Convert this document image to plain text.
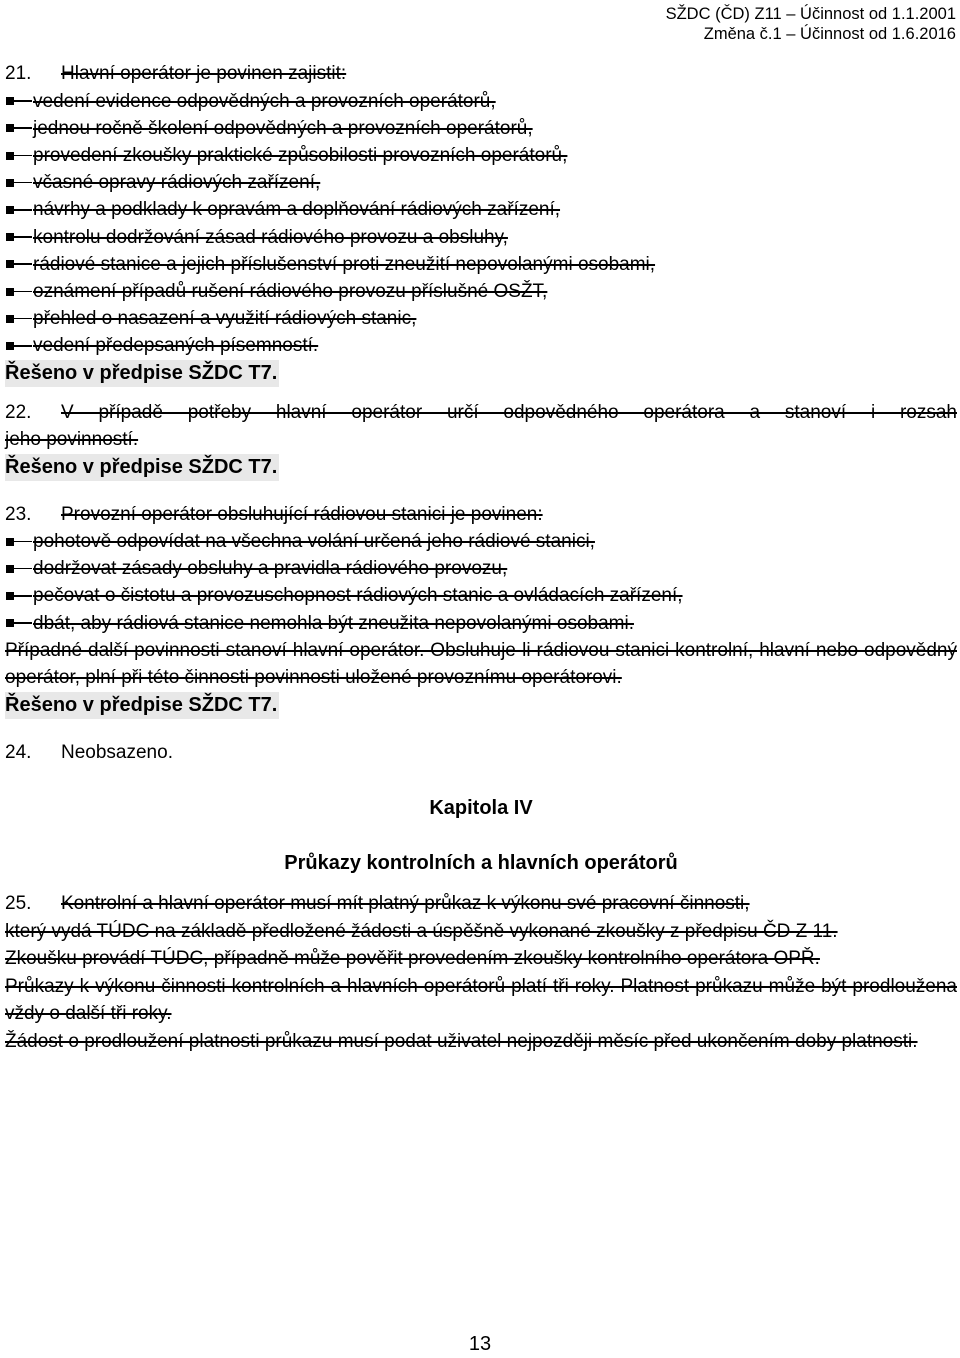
SŽDC (ČD) Z11 – Účinnost od 1.1.2001
Změna č.1 – Účinnost od 1.6.2016
21. Hlavní operátor je povinen zajistit:
vedení evidence odpovědných a provozních operátorů,
jednou ročně školení odpovědných a provozních operátorů,
provedení zkoušky praktické způsobilosti provozních operátorů,
včasné opravy rádiových zařízení,
návrhy a podklady k opravám a doplňování rádiových zařízení,
kontrolu dodržování zásad rádiového provozu a obsluhy,
rádiové stanice a jejich příslušenství proti zneužití nepovolanými osobami,
oznámení případů rušení rádiového provozu příslušné OSŽT,
přehled o nasazení a využití rádiových stanic,
vedení předepsaných písemností.
Řešeno v předpise SŽDC T7.
22. V případě potřeby hlavní operátor určí odpovědného operátora a stanoví i rozsah
jeho povinností.
Řešeno v předpise SŽDC T7.
23. Provozní operátor obsluhující rádiovou stanici je povinen:
pohotově odpovídat na všechna volání určená jeho rádiové stanici,
dodržovat zásady obsluhy a pravidla rádiového provozu,
pečovat o čistotu a provozuschopnost rádiových stanic a ovládacích zařízení,
dbát, aby rádiová stanice nemohla být zneužita nepovolanými osobami.
Případné další povinnosti stanoví hlavní operátor. Obsluhuje-li rádiovou stanici kontrolní, hlavní nebo odpovědný operátor, plní při této činnosti povinnosti uložené provoznímu operátorovi.
Řešeno v předpise SŽDC T7.
24. Neobsazeno.
Kapitola IV
Průkazy kontrolních a hlavních operátorů
25. Kontrolní a hlavní operátor musí mít platný průkaz k výkonu své pracovní činnosti,
který vydá TÚDC na základě předložené žádosti a úspěšně vykonané zkoušky z předpisu ČD Z 11.
Zkoušku provádí TÚDC, případně může pověřit provedením zkoušky kontrolního operátora OPŘ.
Průkazy k výkonu činnosti kontrolních a hlavních operátorů platí tři roky. Platnost průkazu může být prodloužena vždy o další tři roky.
Žádost o prodloužení platnosti průkazu musí podat uživatel nejpozději měsíc před ukončením doby platnosti.
13
